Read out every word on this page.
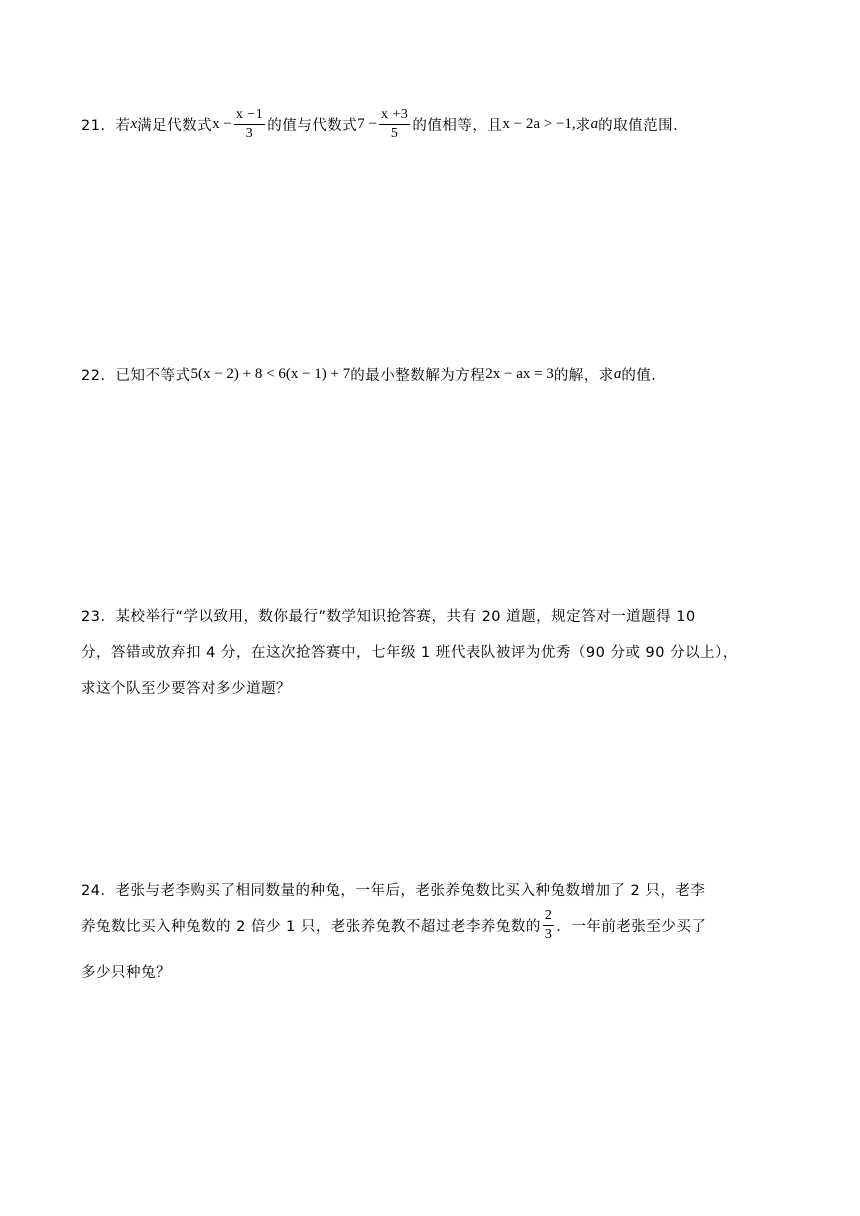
21．若 x 满足代数式 $x - \frac{x -1}{3}$ 的值与代数式 $7 - \frac{x +3}{5}$ 的值相等，且 x − 2a > −1, 求 a 的取值范围．
22．已知不等式 5(x − 2) + 8 < 6(x − 1) + 7 的最小整数解为方程 2x − ax = 3 的解，求 a 的值．
23．某校举行“学以致用，数你最行”数学知识抢答赛，共有 20 道题，规定答对一道题得 10
分，答错或放弃扣 4 分，在这次抢答赛中，七年级 1 班代表队被评为优秀（90 分或 90 分以上），
求这个队至少要答对多少道题？
24．老张与老李购买了相同数量的种兔，一年后，老张养兔数比买入种兔数增加了 2 只，老李
养兔数比买入种兔数的 2 倍少 1 只，老张养兔教不超过老李养兔数的 $\frac{2}{3}$ ．一年前老张至少买了
多少只种兔？
